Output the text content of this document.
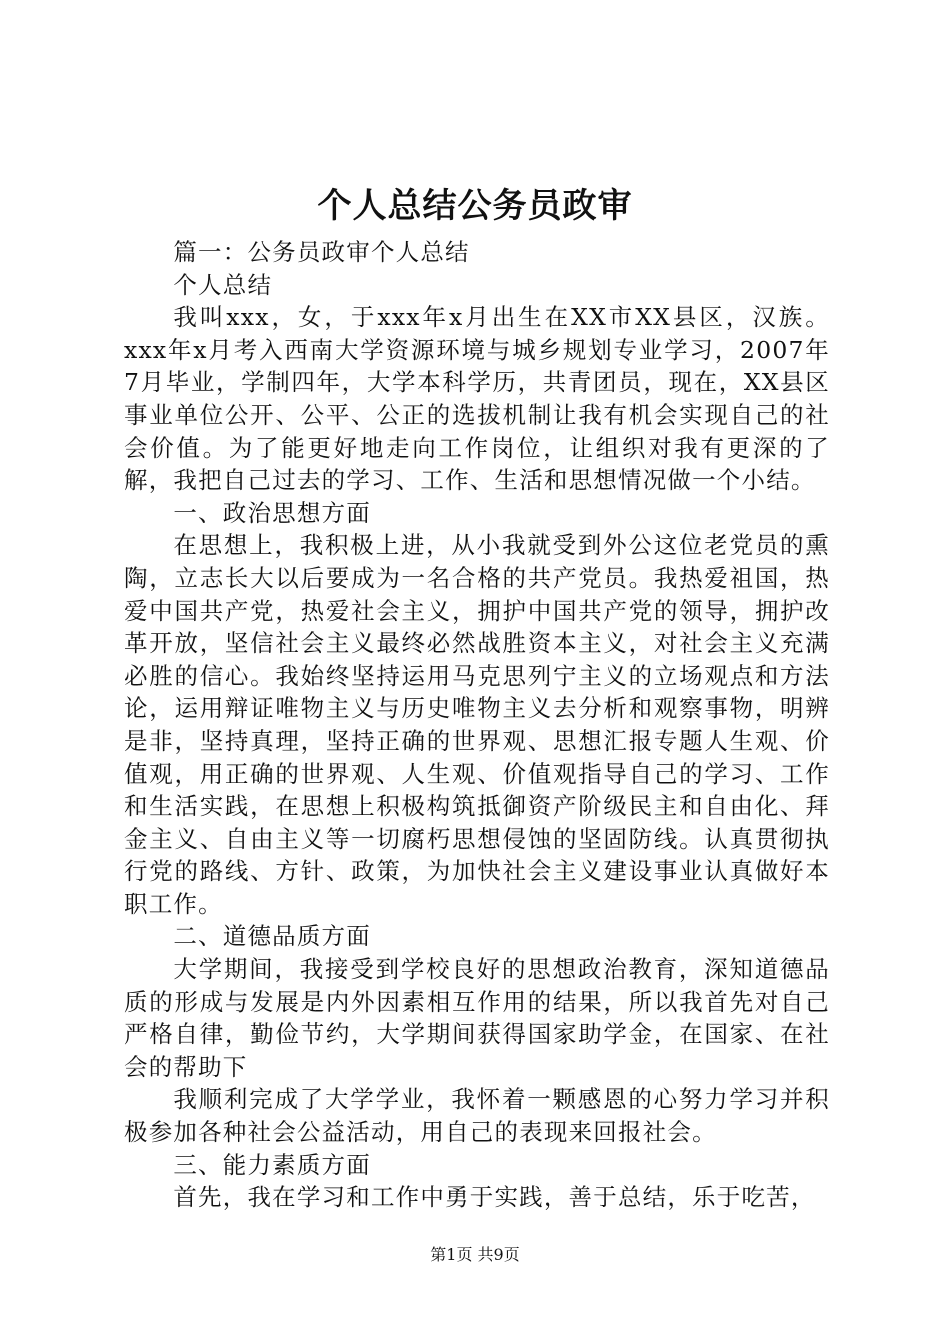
个人总结公务员政审

篇一：公务员政审个人总结

个人总结

我叫xxx，女，于xxx年x月出生在XX市XX县区，汉族。xxx年x月考入西南大学资源环境与城乡规划专业学习，2007年7月毕业，学制四年，大学本科学历，共青团员，现在，XX县区事业单位公开、公平、公正的选拔机制让我有机会实现自己的社会价值。为了能更好地走向工作岗位，让组织对我有更深的了解，我把自己过去的学习、工作、生活和思想情况做一个小结。

一、政治思想方面

在思想上，我积极上进，从小我就受到外公这位老党员的熏陶，立志长大以后要成为一名合格的共产党员。我热爱祖国，热爱中国共产党，热爱社会主义，拥护中国共产党的领导，拥护改革开放，坚信社会主义最终必然战胜资本主义，对社会主义充满必胜的信心。我始终坚持运用马克思列宁主义的立场观点和方法论，运用辩证唯物主义与历史唯物主义去分析和观察事物，明辨是非，坚持真理，坚持正确的世界观、思想汇报专题人生观、价值观，用正确的世界观、人生观、价值观指导自己的学习、工作和生活实践，在思想上积极构筑抵御资产阶级民主和自由化、拜金主义、自由主义等一切腐朽思想侵蚀的坚固防线。认真贯彻执行党的路线、方针、政策，为加快社会主义建设事业认真做好本职工作。

二、道德品质方面

大学期间，我接受到学校良好的思想政治教育，深知道德品质的形成与发展是内外因素相互作用的结果，所以我首先对自己严格自律，勤俭节约，大学期间获得国家助学金，在国家、在社会的帮助下

我顺利完成了大学学业，我怀着一颗感恩的心努力学习并积极参加各种社会公益活动，用自己的表现来回报社会。

三、能力素质方面

首先，我在学习和工作中勇于实践，善于总结，乐于吃苦，

第1页 共9页
